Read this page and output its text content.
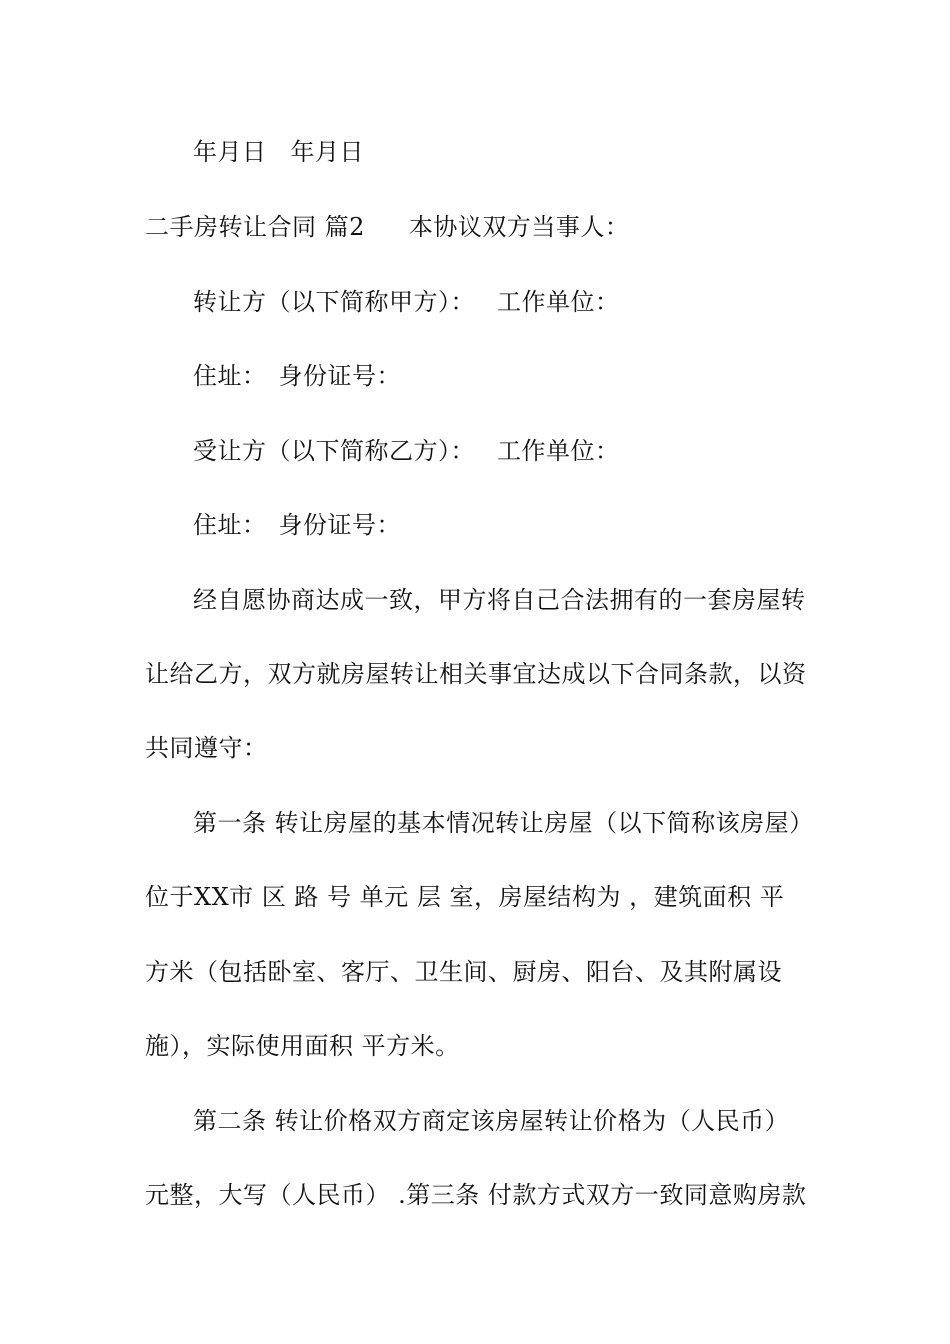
年月日 年月日
二手房转让合同 篇2 本协议双方当事人：
转让方（以下简称甲方）： 工作单位：
住址： 身份证号：
受让方（以下简称乙方）： 工作单位：
住址： 身份证号：
经自愿协商达成一致，甲方将自己合法拥有的一套房屋转
让给乙方，双方就房屋转让相关事宜达成以下合同条款，以资
共同遵守：
第一条 转让房屋的基本情况转让房屋（以下简称该房屋）
位于XX市 区 路 号 单元 层 室，房屋结构为 ，建筑面积 平
方米（包括卧室、客厅、卫生间、厨房、阳台、及其附属设
施），实际使用面积 平方米。
第二条 转让价格双方商定该房屋转让价格为（人民币）
元整，大写（人民币） .第三条 付款方式双方一致同意购房款
